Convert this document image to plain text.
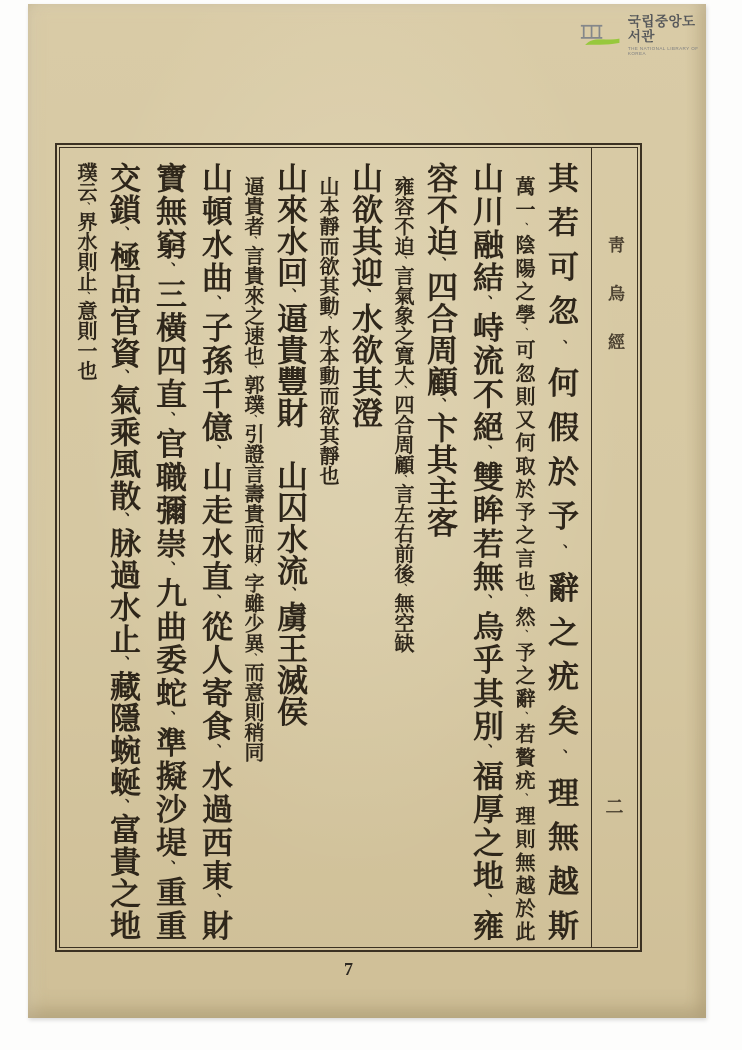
국립중앙도서관
THE NATIONAL LIBRARY OF KOREA
靑烏經
二
其若可忽、何假於予、辭之疣矣、理無越斯
萬一、陰陽之學、可忽則又何取於予之言也、然、予之辭、若贅疣、理則無越於此
山川融結、峙流不絕、雙眸若無、烏乎其別、福厚之地、雍
容不迫、四合周顧、卞其主客
雍容不迫、言氣象之寬大、四合周顧、言左右前後、無空缺
山欲其迎、水欲其澄
山本靜而欲其動、水本動而欲其靜也
山來水回、逼貴豐財　山囚水流、虜王滅侯
逼貴者、言貴來之速也、郭璞、引證言壽貴而財、字雖少異、而意則稍同
山頓水曲、子孫千億、山走水直、從人寄食、水過西東、財
寶無窮、三橫四直、官職彌崇、九曲委蛇、準擬沙堤、重重
交鎖、極品官資、氣乘風散、脉過水止、藏隱蜿蜒、富貴之地
璞云、界水則止、意則一也
7
